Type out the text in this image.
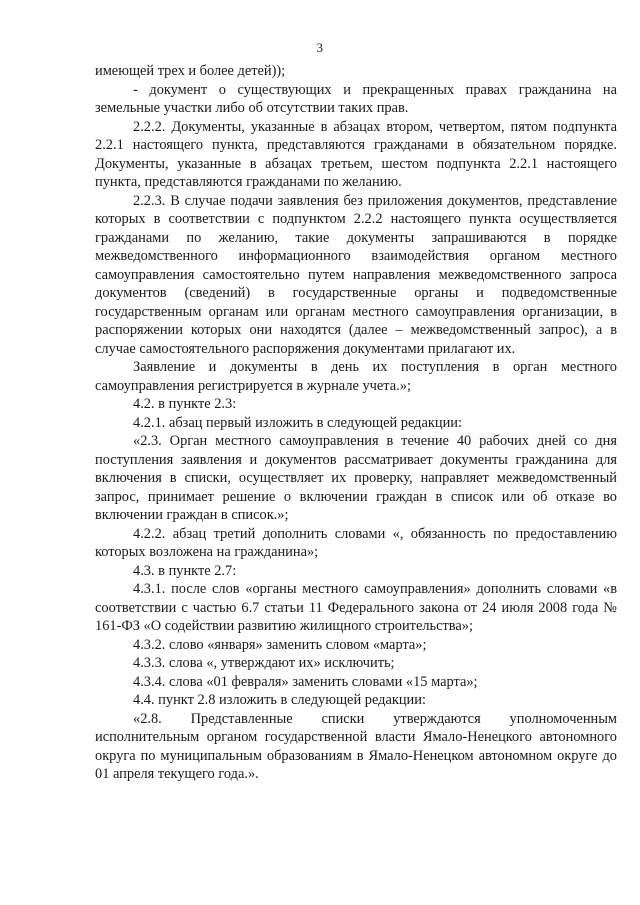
3

имеющей трех и более детей));

- документ о существующих и прекращенных правах гражданина на земельные участки либо об отсутствии таких прав.

2.2.2. Документы, указанные в абзацах втором, четвертом, пятом подпункта 2.2.1 настоящего пункта, представляются гражданами в обязательном порядке. Документы, указанные в абзацах третьем, шестом подпункта 2.2.1 настоящего пункта, представляются гражданами по желанию.

2.2.3. В случае подачи заявления без приложения документов, представление которых в соответствии с подпунктом 2.2.2 настоящего пункта осуществляется гражданами по желанию, такие документы запрашиваются в порядке межведомственного информационного взаимодействия органом местного самоуправления самостоятельно путем направления межведомственного запроса документов (сведений) в государственные органы и подведомственные государственным органам или органам местного самоуправления организации, в распоряжении которых они находятся (далее – межведомственный запрос), а в случае самостоятельного распоряжения документами прилагают их.

Заявление и документы в день их поступления в орган местного самоуправления регистрируется в журнале учета.»;

4.2. в пункте 2.3:

4.2.1. абзац первый изложить в следующей редакции:

«2.3. Орган местного самоуправления в течение 40 рабочих дней со дня поступления заявления и документов рассматривает документы гражданина для включения в списки, осуществляет их проверку, направляет межведомственный запрос, принимает решение о включении граждан в список или об отказе во включении граждан в список.»;

4.2.2. абзац третий дополнить словами «, обязанность по предоставлению которых возложена на гражданина»;

4.3. в пункте 2.7:

4.3.1. после слов «органы местного самоуправления» дополнить словами «в соответствии с частью 6.7 статьи 11 Федерального закона от 24 июля 2008 года № 161-ФЗ «О содействии развитию жилищного строительства»;

4.3.2. слово «января» заменить словом «марта»;

4.3.3. слова «, утверждают их» исключить;

4.3.4. слова «01 февраля» заменить словами «15 марта»;

4.4. пункт 2.8 изложить в следующей редакции:

«2.8. Представленные списки утверждаются уполномоченным исполнительным органом государственной власти Ямало-Ненецкого автономного округа по муниципальным образованиям в Ямало-Ненецком автономном округе до 01 апреля текущего года.».
